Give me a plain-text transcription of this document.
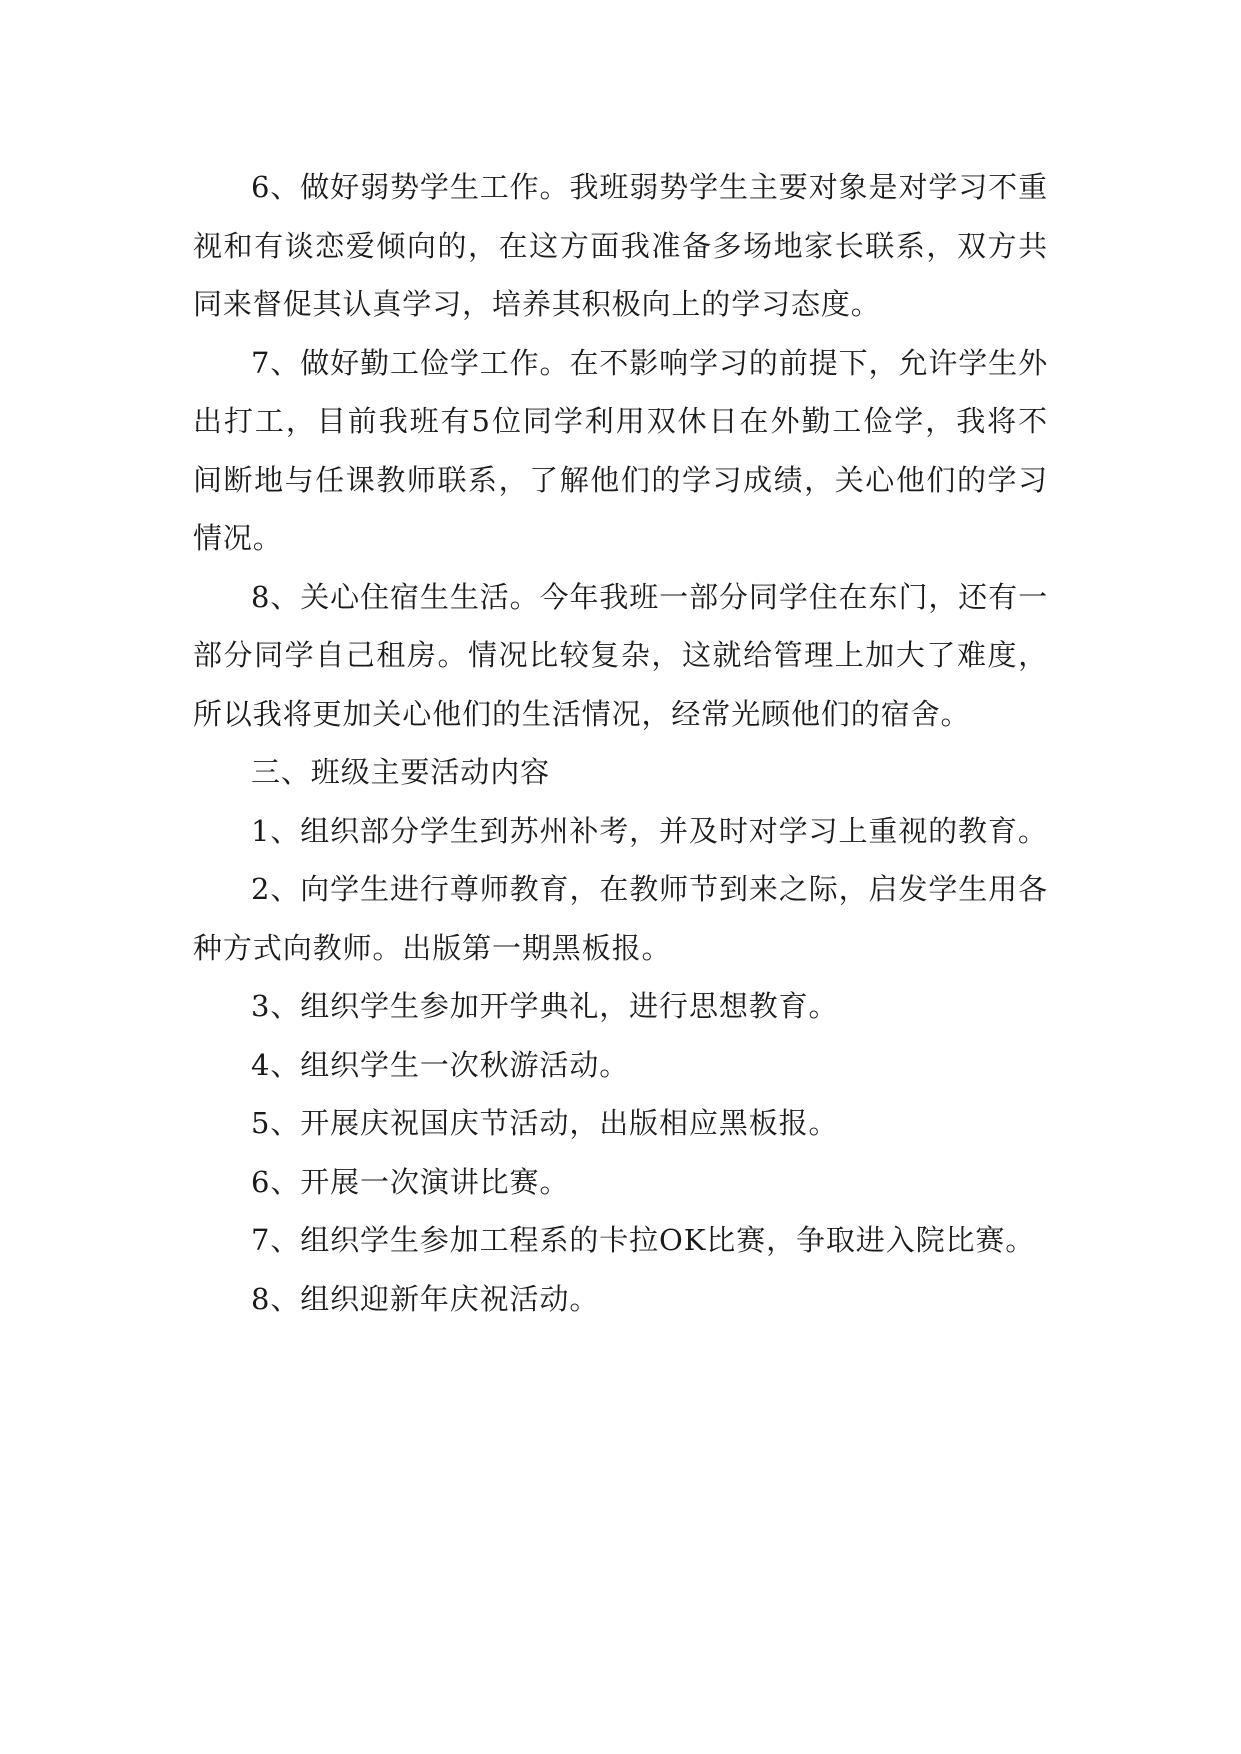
6、做好弱势学生工作。我班弱势学生主要对象是对学习不重视和有谈恋爱倾向的，在这方面我准备多场地家长联系，双方共同来督促其认真学习，培养其积极向上的学习态度。

7、做好勤工俭学工作。在不影响学习的前提下，允许学生外出打工，目前我班有5位同学利用双休日在外勤工俭学，我将不间断地与任课教师联系，了解他们的学习成绩，关心他们的学习情况。

8、关心住宿生生活。今年我班一部分同学住在东门，还有一部分同学自己租房。情况比较复杂，这就给管理上加大了难度，所以我将更加关心他们的生活情况，经常光顾他们的宿舍。

三、班级主要活动内容

1、组织部分学生到苏州补考，并及时对学习上重视的教育。

2、向学生进行尊师教育，在教师节到来之际，启发学生用各种方式向教师。出版第一期黑板报。

3、组织学生参加开学典礼，进行思想教育。

4、组织学生一次秋游活动。

5、开展庆祝国庆节活动，出版相应黑板报。

6、开展一次演讲比赛。

7、组织学生参加工程系的卡拉OK比赛，争取进入院比赛。

8、组织迎新年庆祝活动。
